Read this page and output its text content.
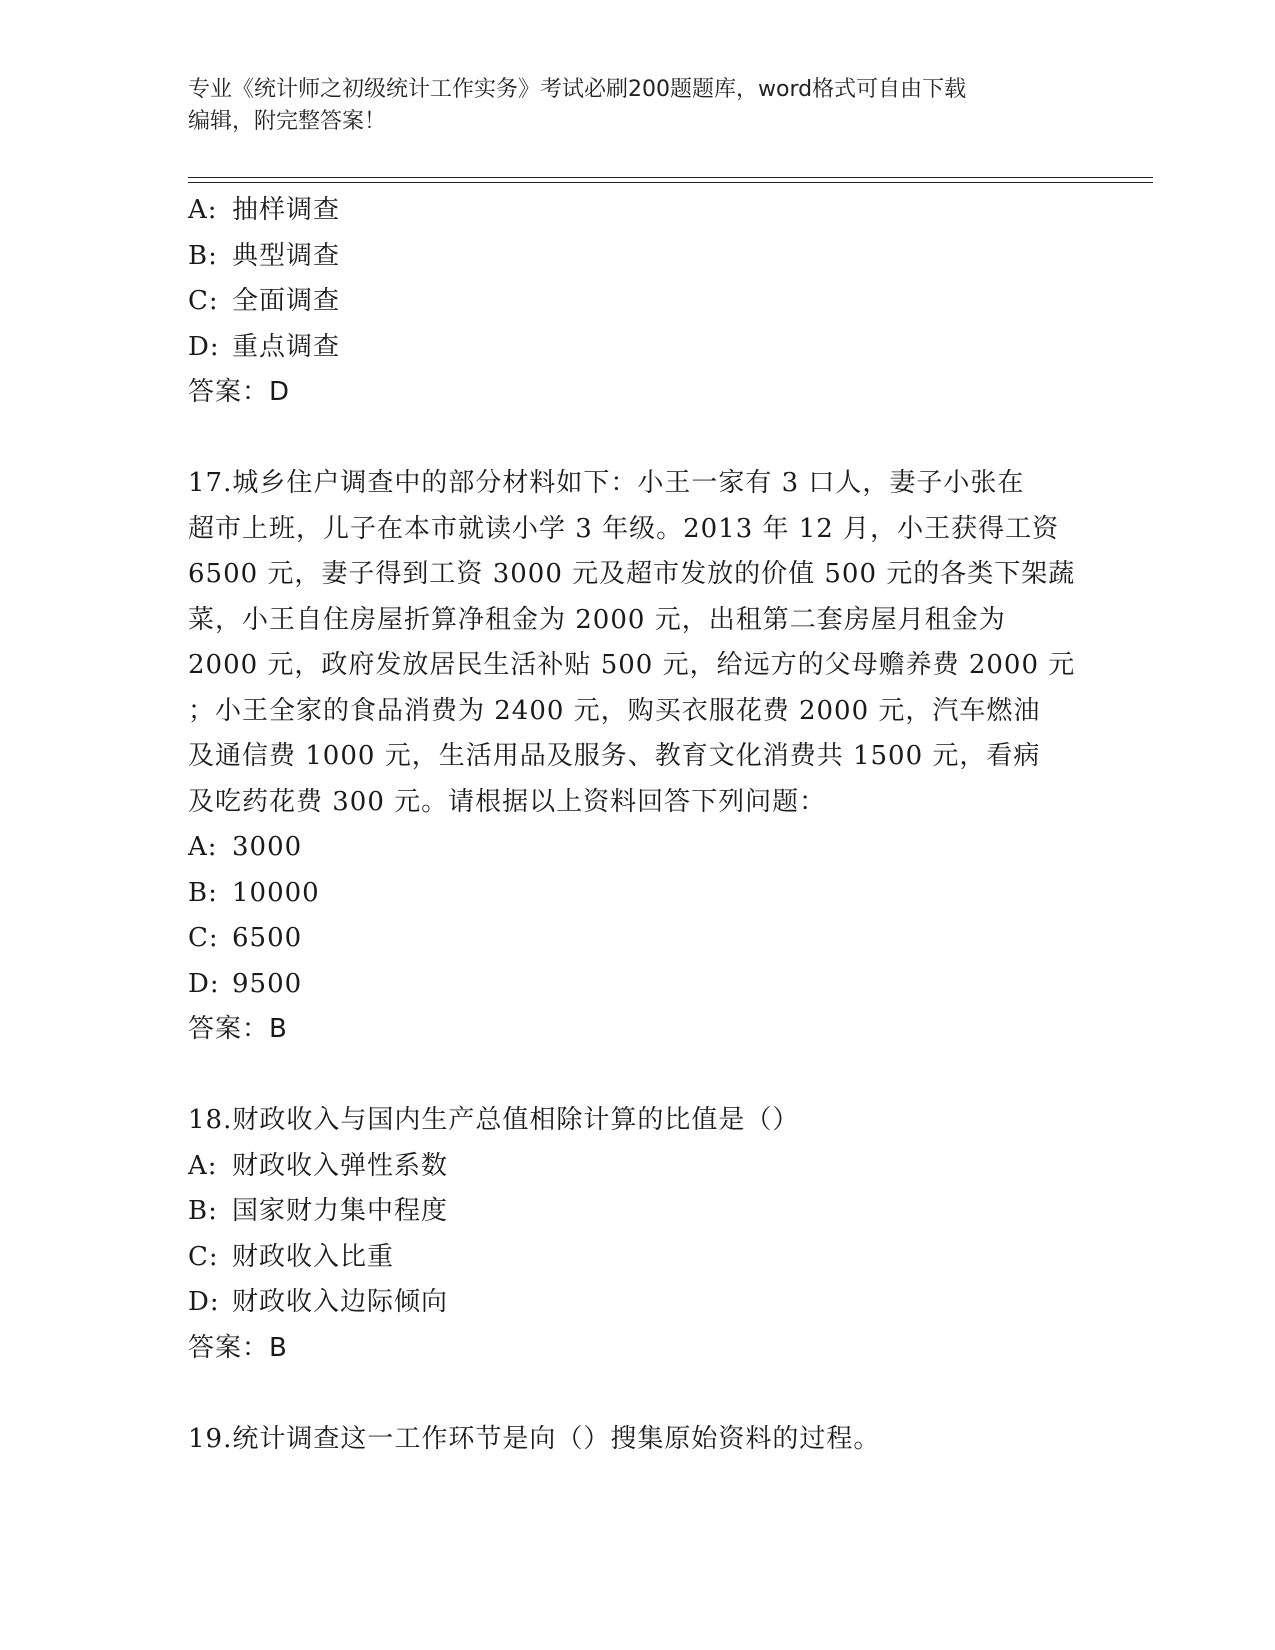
专业《统计师之初级统计工作实务》考试必刷200题题库，word格式可自由下载
编辑，附完整答案！
A: 抽样调查
B: 典型调查
C: 全面调查
D: 重点调查
答案：D
17.城乡住户调查中的部分材料如下：小王一家有 3 口人，妻子小张在
超市上班，儿子在本市就读小学 3 年级。2013 年 12 月，小王获得工资
6500 元，妻子得到工资 3000 元及超市发放的价值 500 元的各类下架蔬
菜，小王自住房屋折算净租金为 2000 元，出租第二套房屋月租金为
2000 元，政府发放居民生活补贴 500 元，给远方的父母赡养费 2000 元
；小王全家的食品消费为 2400 元，购买衣服花费 2000 元，汽车燃油
及通信费 1000 元，生活用品及服务、教育文化消费共 1500 元，看病
及吃药花费 300 元。请根据以上资料回答下列问题：
A: 3000
B: 10000
C: 6500
D: 9500
答案：B
18.财政收入与国内生产总值相除计算的比值是（）
A: 财政收入弹性系数
B: 国家财力集中程度
C: 财政收入比重
D: 财政收入边际倾向
答案：B
19.统计调查这一工作环节是向（）搜集原始资料的过程。
